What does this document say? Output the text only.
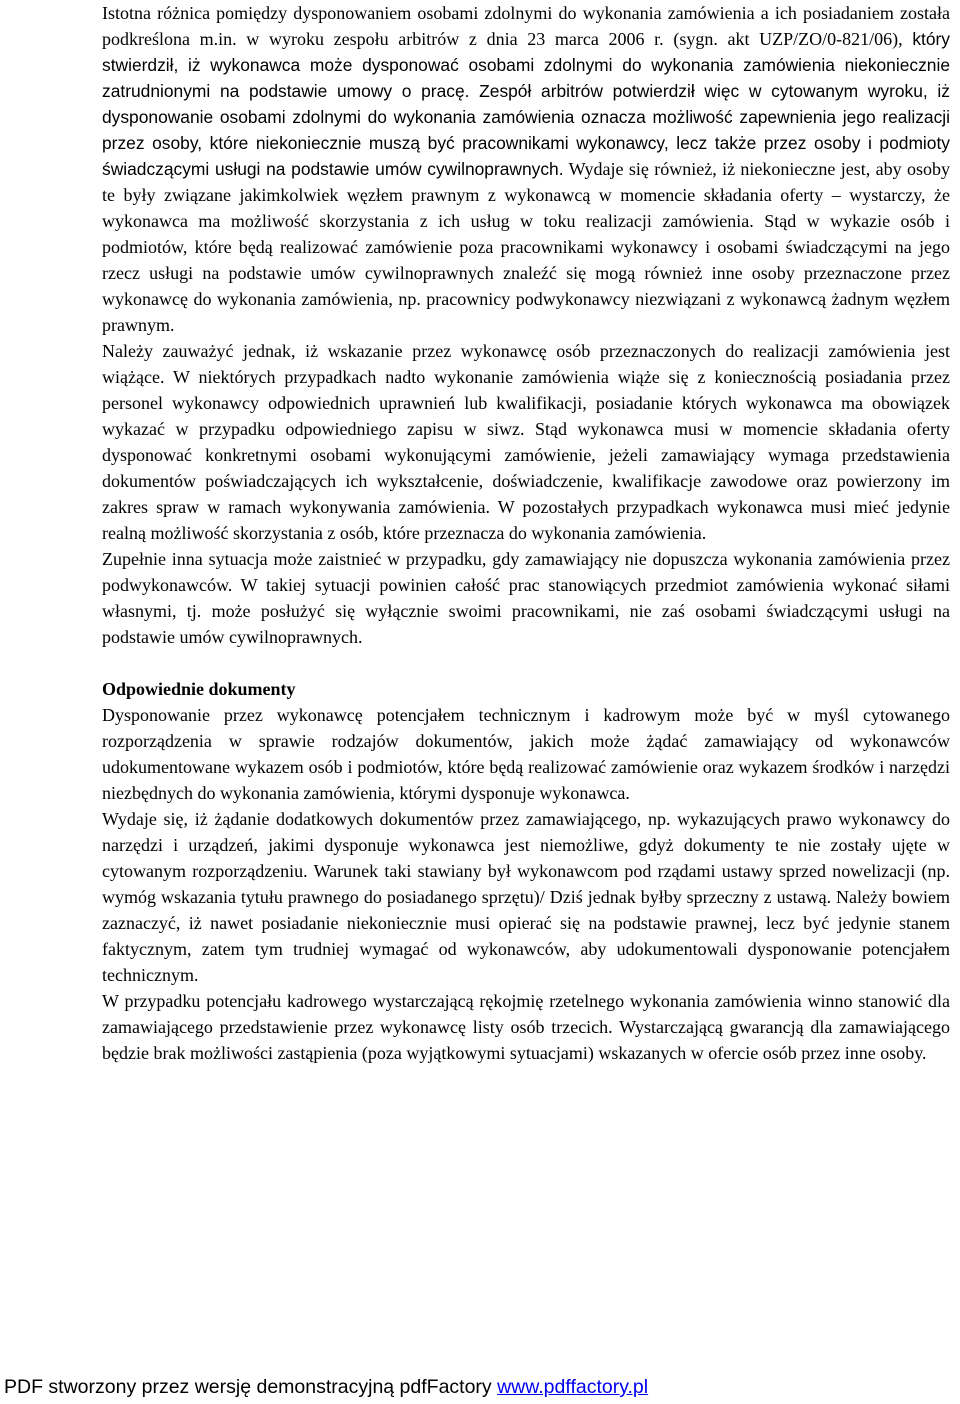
Istotna różnica pomiędzy dysponowaniem osobami zdolnymi do wykonania zamówienia a ich posiadaniem została podkreślona m.in. w wyroku zespołu arbitrów z dnia 23 marca 2006 r. (sygn. akt UZP/ZO/0-821/06), który stwierdził, iż wykonawca może dysponować osobami zdolnymi do wykonania zamówienia niekoniecznie zatrudnionymi na podstawie umowy o pracę. Zespół arbitrów potwierdził więc w cytowanym wyroku, iż dysponowanie osobami zdolnymi do wykonania zamówienia oznacza możliwość zapewnienia jego realizacji przez osoby, które niekoniecznie muszą być pracownikami wykonawcy, lecz także przez osoby i podmioty świadczącymi usługi na podstawie umów cywilnoprawnych. Wydaje się również, iż niekonieczne jest, aby osoby te były związane jakimkolwiek węzłem prawnym z wykonawcą w momencie składania oferty – wystarczy, że wykonawca ma możliwość skorzystania z ich usług w toku realizacji zamówienia. Stąd w wykazie osób i podmiotów, które będą realizować zamówienie poza pracownikami wykonawcy i osobami świadczącymi na jego rzecz usługi na podstawie umów cywilnoprawnych znaleźć się mogą również inne osoby przeznaczone przez wykonawcę do wykonania zamówienia, np. pracownicy podwykonawcy niezwiązani z wykonawcą żadnym węzłem prawnym.

Należy zauważyć jednak, iż wskazanie przez wykonawcę osób przeznaczonych do realizacji zamówienia jest wiążące. W niektórych przypadkach nadto wykonanie zamówienia wiąże się z koniecznością posiadania przez personel wykonawcy odpowiednich uprawnień lub kwalifikacji, posiadanie których wykonawca ma obowiązek wykazać w przypadku odpowiedniego zapisu w siwz. Stąd wykonawca musi w momencie składania oferty dysponować konkretnymi osobami wykonującymi zamówienie, jeżeli zamawiający wymaga przedstawienia dokumentów poświadczających ich wykształcenie, doświadczenie, kwalifikacje zawodowe oraz powierzony im zakres spraw w ramach wykonywania zamówienia. W pozostałych przypadkach wykonawca musi mieć jedynie realną możliwość skorzystania z osób, które przeznacza do wykonania zamówienia.

Zupełnie inna sytuacja może zaistnieć w przypadku, gdy zamawiający nie dopuszcza wykonania zamówienia przez podwykonawców. W takiej sytuacji powinien całość prac stanowiących przedmiot zamówienia wykonać siłami własnymi, tj. może posłużyć się wyłącznie swoimi pracownikami, nie zaś osobami świadczącymi usługi na podstawie umów cywilnoprawnych.

Odpowiednie dokumenty

Dysponowanie przez wykonawcę potencjałem technicznym i kadrowym może być w myśl cytowanego rozporządzenia w sprawie rodzajów dokumentów, jakich może żądać zamawiający od wykonawców udokumentowane wykazem osób i podmiotów, które będą realizować zamówienie oraz wykazem środków i narzędzi niezbędnych do wykonania zamówienia, którymi dysponuje wykonawca.

Wydaje się, iż żądanie dodatkowych dokumentów przez zamawiającego, np. wykazujących prawo wykonawcy do narzędzi i urządzeń, jakimi dysponuje wykonawca jest niemożliwe, gdyż dokumenty te nie zostały ujęte w cytowanym rozporządzeniu. Warunek taki stawiany był wykonawcom pod rządami ustawy sprzed nowelizacji (np. wymóg wskazania tytułu prawnego do posiadanego sprzętu)/ Dziś jednak byłby sprzeczny z ustawą. Należy bowiem zaznaczyć, iż nawet posiadanie niekoniecznie musi opierać się na podstawie prawnej, lecz być jedynie stanem faktycznym, zatem tym trudniej wymagać od wykonawców, aby udokumentowali dysponowanie potencjałem technicznym.

W przypadku potencjału kadrowego wystarczającą rękojmię rzetelnego wykonania zamówienia winno stanowić dla zamawiającego przedstawienie przez wykonawcę listy osób trzecich. Wystarczającą gwarancją dla zamawiającego będzie brak możliwości zastąpienia (poza wyjątkowymi sytuacjami) wskazanych w ofercie osób przez inne osoby.

PDF stworzony przez wersję demonstracyjną pdfFactory www.pdffactory.pl
